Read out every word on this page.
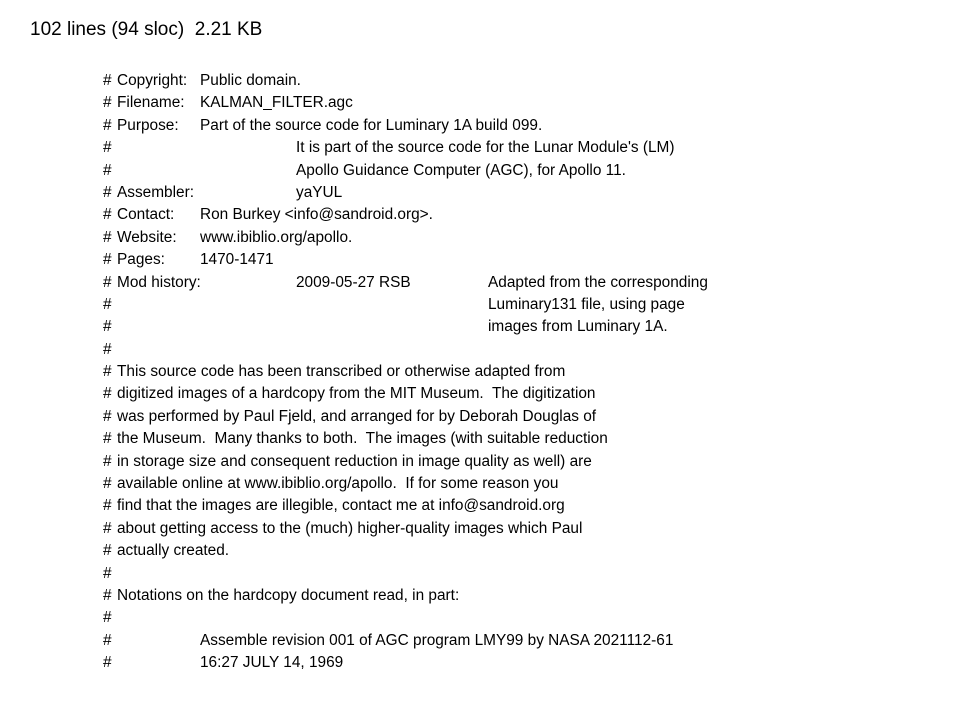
102 lines (94 sloc)  2.21 KB
# Copyright: Public domain.
# Filename: KALMAN_FILTER.agc
# Purpose: Part of the source code for Luminary 1A build 099.
#	It is part of the source code for the Lunar Module's (LM)
#	Apollo Guidance Computer (AGC), for Apollo 11.
# Assembler:	yaYUL
# Contact: Ron Burkey <info@sandroid.org>.
# Website: www.ibiblio.org/apollo.
# Pages: 1470-1471
# Mod history:	2009-05-27 RSB	Adapted from the corresponding
#	Luminary131 file, using page
#	images from Luminary 1A.
#
# This source code has been transcribed or otherwise adapted from
# digitized images of a hardcopy from the MIT Museum.  The digitization
# was performed by Paul Fjeld, and arranged for by Deborah Douglas of
# the Museum.  Many thanks to both.  The images (with suitable reduction
# in storage size and consequent reduction in image quality as well) are
# available online at www.ibiblio.org/apollo.  If for some reason you
# find that the images are illegible, contact me at info@sandroid.org
# about getting access to the (much) higher-quality images which Paul
# actually created.
#
# Notations on the hardcopy document read, in part:
#
#	Assemble revision 001 of AGC program LMY99 by NASA 2021112-61
#	16:27 JULY 14, 1969
